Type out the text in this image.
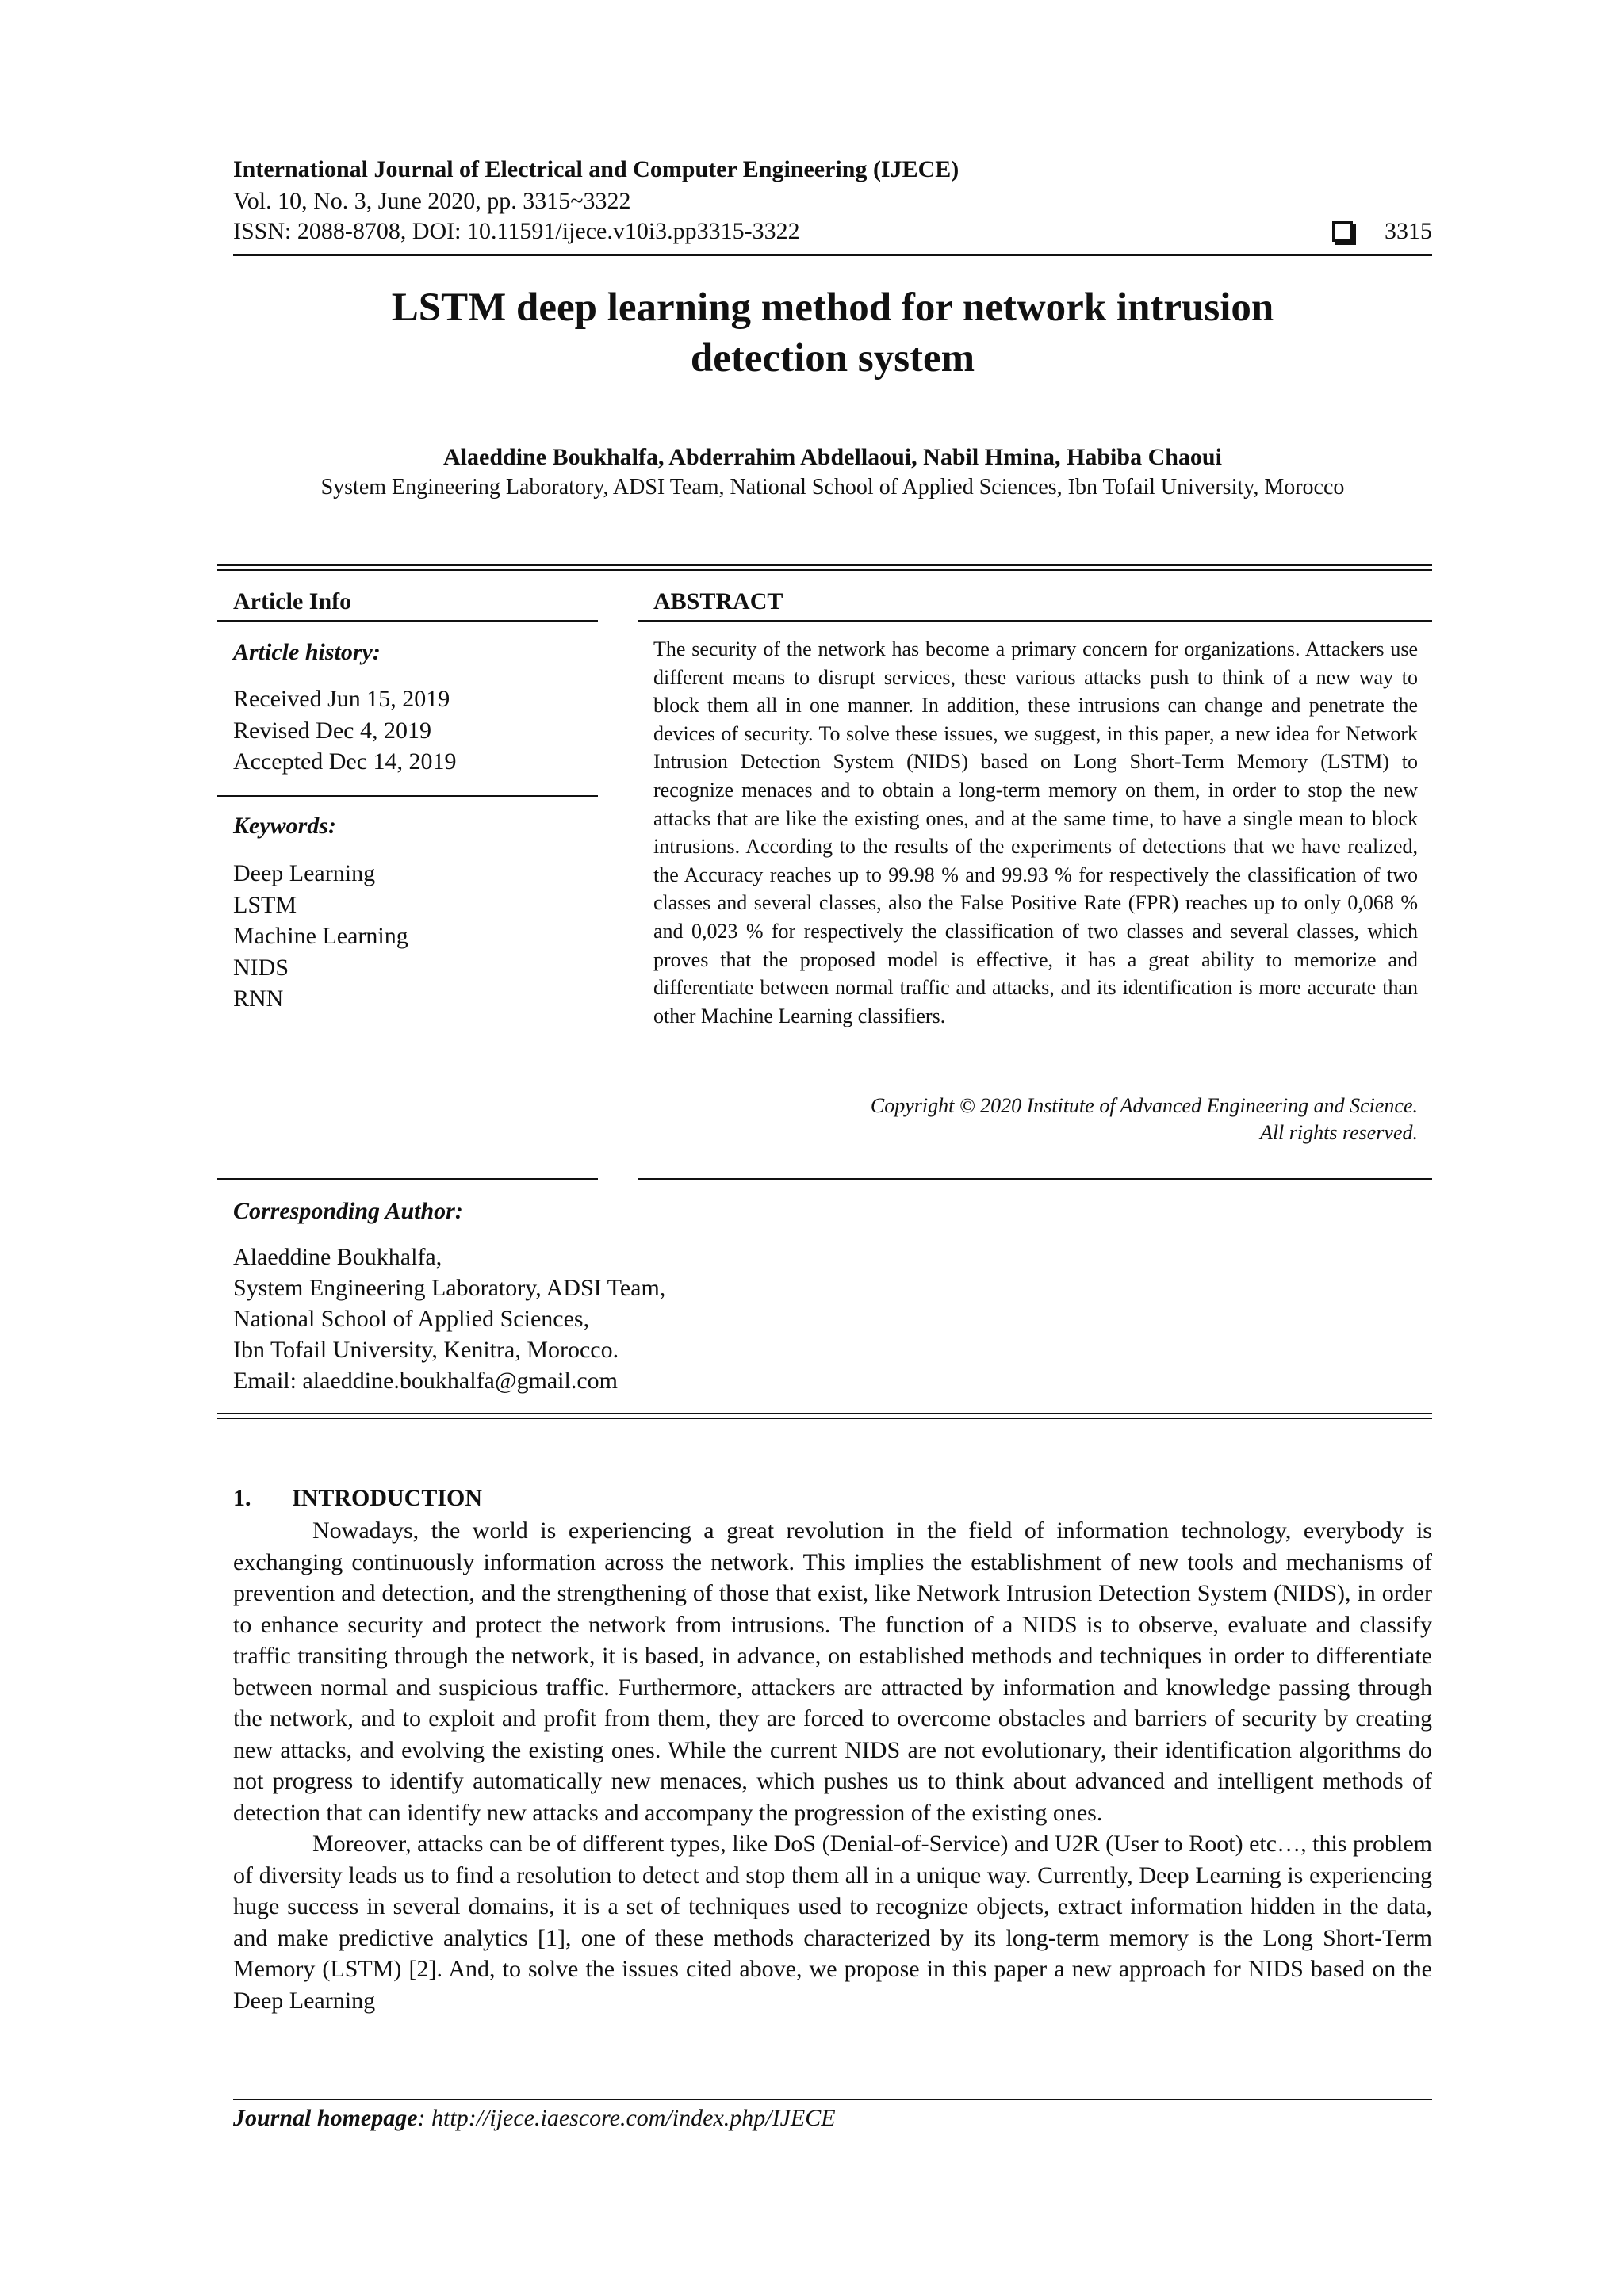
International Journal of Electrical and Computer Engineering (IJECE)
Vol. 10, No. 3, June 2020, pp. 3315~3322
ISSN: 2088-8708, DOI: 10.11591/ijece.v10i3.pp3315-3322	3315
LSTM deep learning method for network intrusion
detection system
Alaeddine Boukhalfa, Abderrahim Abdellaoui, Nabil Hmina, Habiba Chaoui
System Engineering Laboratory, ADSI Team, National School of Applied Sciences, Ibn Tofail University, Morocco
Article Info
Article history:
Received Jun 15, 2019
Revised Dec 4, 2019
Accepted Dec 14, 2019
Keywords:
Deep Learning
LSTM
Machine Learning
NIDS
RNN
ABSTRACT
The security of the network has become a primary concern for organizations. Attackers use different means to disrupt services, these various attacks push to think of a new way to block them all in one manner. In addition, these intrusions can change and penetrate the devices of security. To solve these issues, we suggest, in this paper, a new idea for Network Intrusion Detection System (NIDS) based on Long Short-Term Memory (LSTM) to recognize menaces and to obtain a long-term memory on them, in order to stop the new attacks that are like the existing ones, and at the same time, to have a single mean to block intrusions. According to the results of the experiments of detections that we have realized, the Accuracy reaches up to 99.98 % and 99.93 % for respectively the classification of two classes and several classes, also the False Positive Rate (FPR) reaches up to only 0,068 % and 0,023 % for respectively the classification of two classes and several classes, which proves that the proposed model is effective, it has a great ability to memorize and differentiate between normal traffic and attacks, and its identification is more accurate than other Machine Learning classifiers.
Copyright © 2020 Institute of Advanced Engineering and Science.
All rights reserved.
Corresponding Author:
Alaeddine Boukhalfa,
System Engineering Laboratory, ADSI Team,
National School of Applied Sciences,
Ibn Tofail University, Kenitra, Morocco.
Email: alaeddine.boukhalfa@gmail.com
1. INTRODUCTION

Nowadays, the world is experiencing a great revolution in the field of information technology, everybody is exchanging continuously information across the network. This implies the establishment of new tools and mechanisms of prevention and detection, and the strengthening of those that exist, like Network Intrusion Detection System (NIDS), in order to enhance security and protect the network from intrusions. The function of a NIDS is to observe, evaluate and classify traffic transiting through the network, it is based, in advance, on established methods and techniques in order to differentiate between normal and suspicious traffic. Furthermore, attackers are attracted by information and knowledge passing through the network, and to exploit and profit from them, they are forced to overcome obstacles and barriers of security by creating new attacks, and evolving the existing ones. While the current NIDS are not evolutionary, their identification algorithms do not progress to identify automatically new menaces, which pushes us to think about advanced and intelligent methods of detection that can identify new attacks and accompany the progression of the existing ones.

Moreover, attacks can be of different types, like DoS (Denial-of-Service) and U2R (User to Root) etc…, this problem of diversity leads us to find a resolution to detect and stop them all in a unique way. Currently, Deep Learning is experiencing huge success in several domains, it is a set of techniques used to recognize objects, extract information hidden in the data, and make predictive analytics [1], one of these methods characterized by its long-term memory is the Long Short-Term Memory (LSTM) [2]. And, to solve the issues cited above, we propose in this paper a new approach for NIDS based on the Deep Learning

Journal homepage: http://ijece.iaescore.com/index.php/IJECE
